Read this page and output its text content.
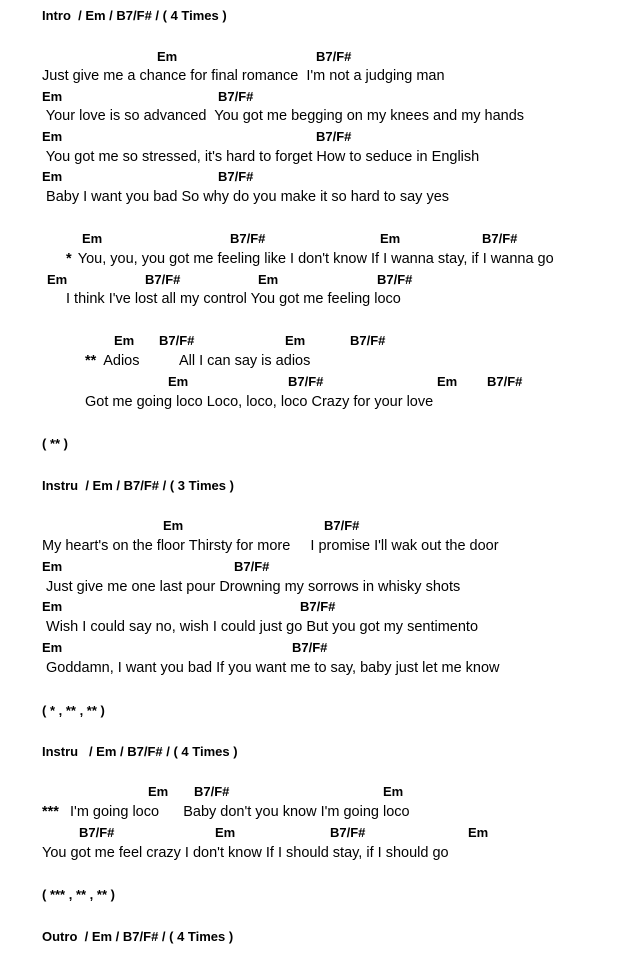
Intro  / Em / B7/F# / ( 4 Times )
Em	B7/F#
Just give me a chance for final romance  I'm not a judging man
Em	B7/F#
Your love is so advanced  You got me begging on my knees and my hands
Em	B7/F#
You got me so stressed, it's hard to forget How to seduce in English
Em	B7/F#
Baby I want you bad So why do you make it so hard to say yes
Em	B7/F#	Em	B7/F#
* You, you, you got me feeling like I don't know If I wanna stay, if I wanna go
Em	B7/F#	Em	B7/F#
I think I've lost all my control You got me feeling loco
Em B7/F#	Em	B7/F#
** Adios          All I can say is adios
Em	B7/F#	Em B7/F#
Got me going loco Loco, loco, loco Crazy for your love
( ** )
Instru  / Em / B7/F# / ( 3 Times )
Em	B7/F#
My heart's on the floor Thirsty for more     I promise I'll wak out the door
Em	B7/F#
Just give me one last pour Drowning my sorrows in whisky shots
Em	B7/F#
Wish I could say no, wish I could just go But you got my sentimento
Em	B7/F#
Goddamn, I want you bad If you want me to say, baby just let me know
( * , ** , ** )
Instru   / Em / B7/F# / ( 4 Times )
Em B7/F#	Em
*** I'm going loco      Baby don't you know I'm going loco
B7/F#	Em	B7/F#	Em
You got me feel crazy I don't know If I should stay, if I should go
( *** , ** , ** )
Outro  / Em / B7/F# / ( 4 Times )
